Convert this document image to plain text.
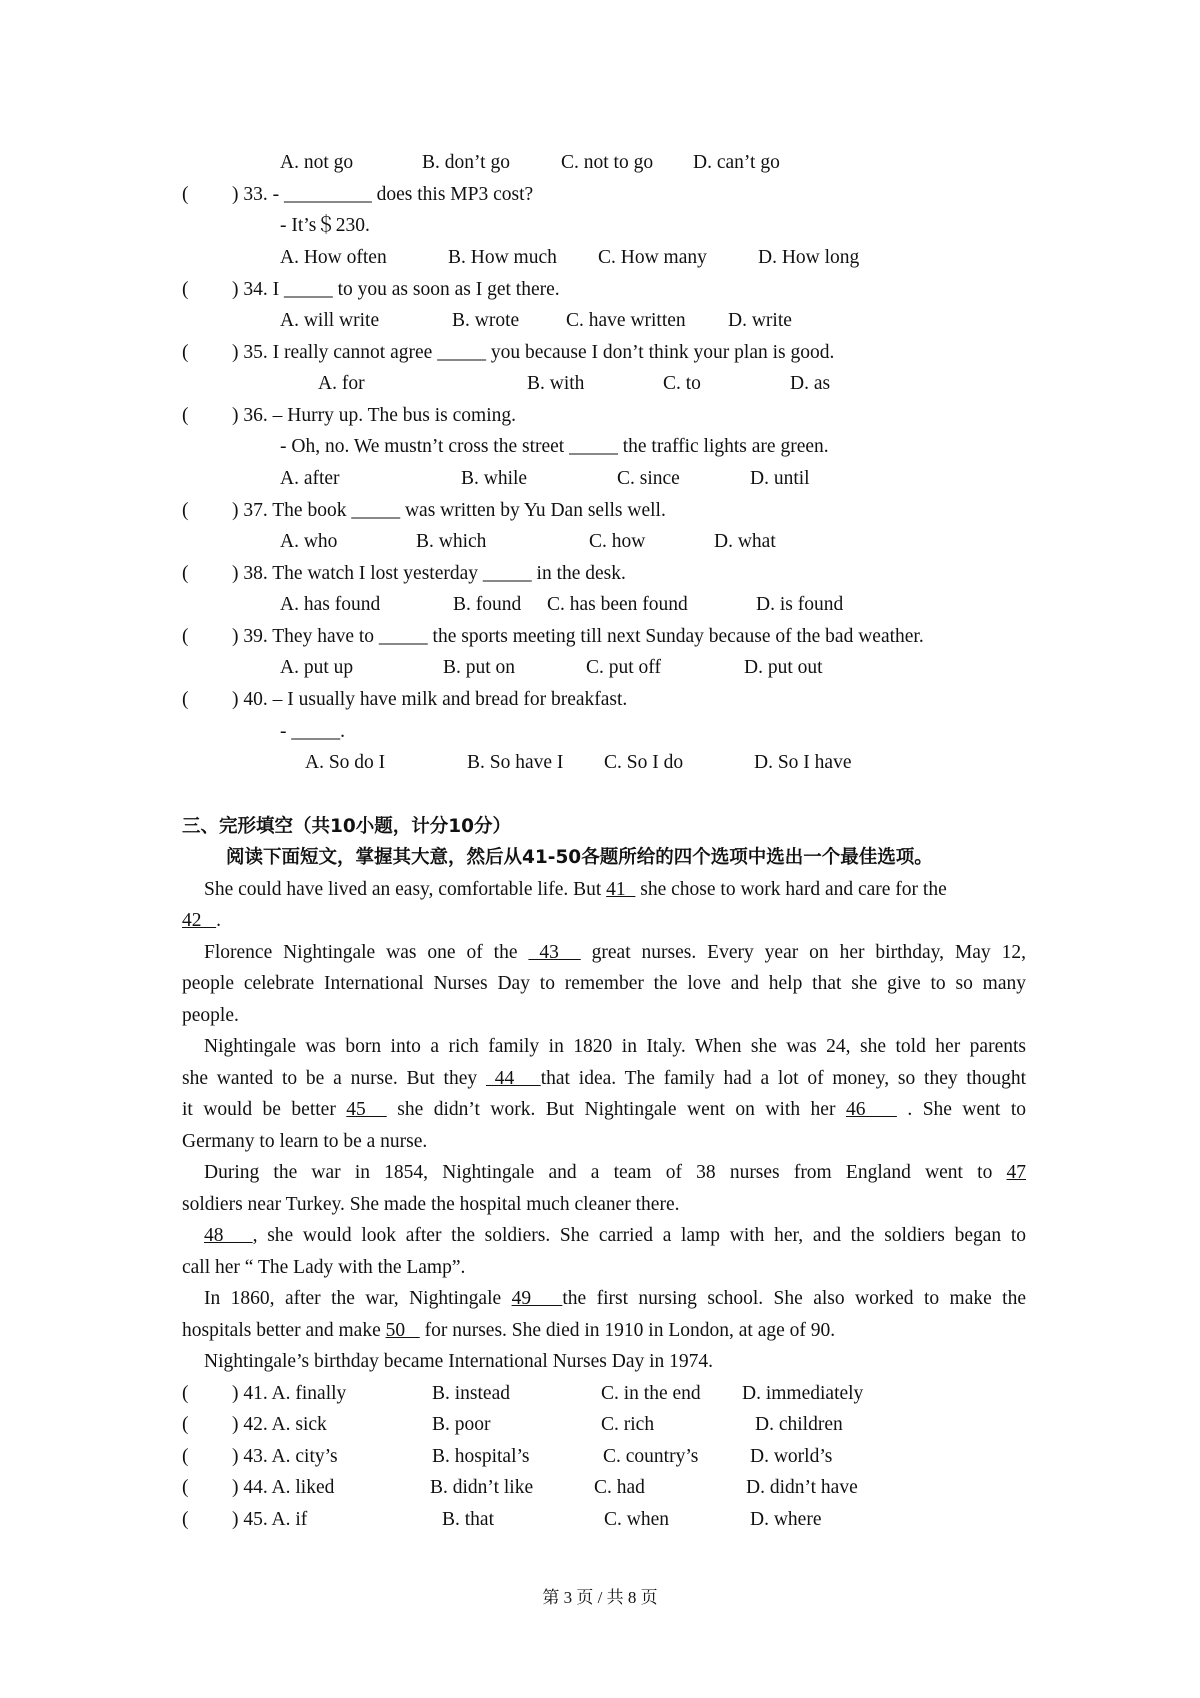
A. not go	B. don’t go	C. not to go D. can’t go
( ) 33. - _________ does this MP3 cost?
- It’s＄230.
A. How often	B. How much C. How many	D. How long
( ) 34. I _____ to you as soon as I get there.
A. will write	B. wrote C. have written D. write
( ) 35. I really cannot agree _____ you because I don’t think your plan is good.
A. for	B. with	C. to	D. as
( ) 36. – Hurry up. The bus is coming.
- Oh, no. We mustn’t cross the street _____ the traffic lights are green.
A. after	B. while	C. since	D. until
( ) 37. The book _____ was written by Yu Dan sells well.
A. who	B. which	C. how	D. what
( ) 38. The watch I lost yesterday _____ in the desk.
A. has found	B. found C. has been found	D. is found
( ) 39. They have to _____ the sports meeting till next Sunday because of the bad weather.
A. put up	B. put on	C. put off	D. put out
( ) 40. – I usually have milk and bread for breakfast.
- _____.
A. So do I	B. So have I C. So I do	D. So I have
三、完形填空（共10小题，计分10分）
阅读下面短文，掌握其大意，然后从41-50各题所给的四个选项中选出一个最佳选项。
She could have lived an easy, comfortable life. But 41   she chose to work hard and care for the
42   .
Florence Nightingale was one of the  43   great nurses. Every year on her birthday, May 12,
people celebrate International Nurses Day to remember the love and help that she give to so many
people.
Nightingale was born into a rich family in 1820 in Italy. When she was 24, she told her parents
she wanted to be a nurse. But they  44   that idea. The family had a lot of money, so they thought
it would be better 45   she didn’t work. But Nightingale went on with her 46    . She went to
Germany to learn to be a nurse.
During the war in 1854, Nightingale and a team of 38 nurses from England went to 47
soldiers near Turkey. She made the hospital much cleaner there.
48   , she would look after the soldiers. She carried a lamp with her, and the soldiers began to
call her “ The Lady with the Lamp”.
In 1860, after the war, Nightingale 49   the first nursing school. She also worked to make the
hospitals better and make 50    for nurses. She died in 1910 in London, at age of 90.
Nightingale’s birthday became International Nurses Day in 1974.
( ) 41. A. finally	B. instead	C. in the end D. immediately
( ) 42. A. sick	B. poor	C. rich	D. children
( ) 43. A. city’s	B. hospital’s	C. country’s	D. world’s
( ) 44. A. liked	B. didn’t like	C. had	D. didn’t have
( ) 45. A. if	B. that	C. when	D. where
第 3 页 / 共 8 页
